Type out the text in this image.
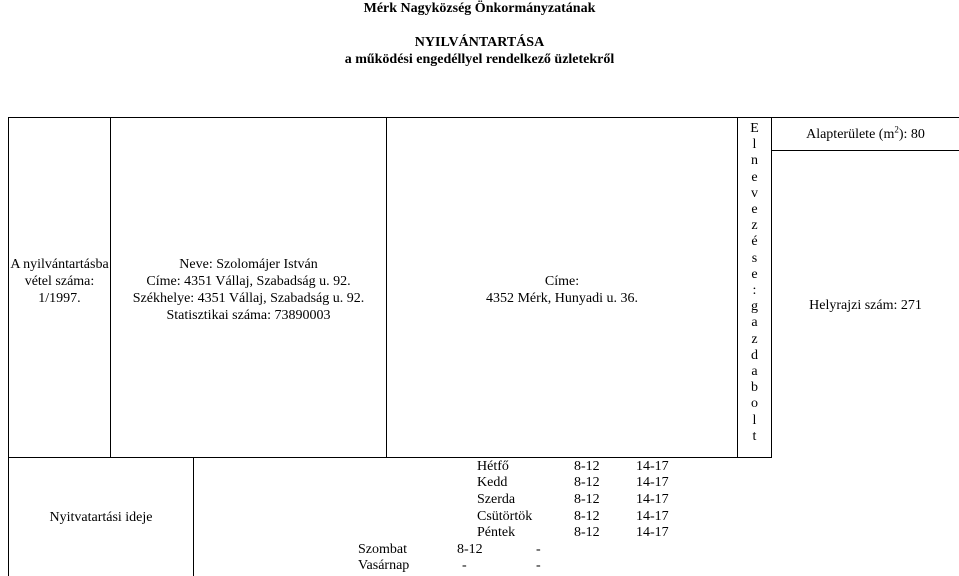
Mérk Nagyközség Önkormányzatának
NYILVÁNTARTÁSA
a működési engedéllyel rendelkező üzletekről
A nyilvántartásba vétel száma:
1/1997.
Neve: Szolomájer István
Címe: 4351 Vállaj, Szabadság u. 92.
Székhelye: 4351 Vállaj, Szabadság u. 92.
Statisztikai száma: 73890003
Címe:
4352 Mérk, Hunyadi u. 36.
E
l
n
e
v
e
z
é
s
e
:
g
a
z
d
a
b
o
l
t
Alapterülete $(m^2)$: 80
Helyrajzi szám: 271
Nyitvatartási ideje
Hétfő	8-12	14-17
Kedd	8-12	14-17
Szerda	8-12	14-17
Csütörtök	8-12	14-17
Péntek	8-12	14-17
Szombat	8-12	-
Vasárnap	-	-
